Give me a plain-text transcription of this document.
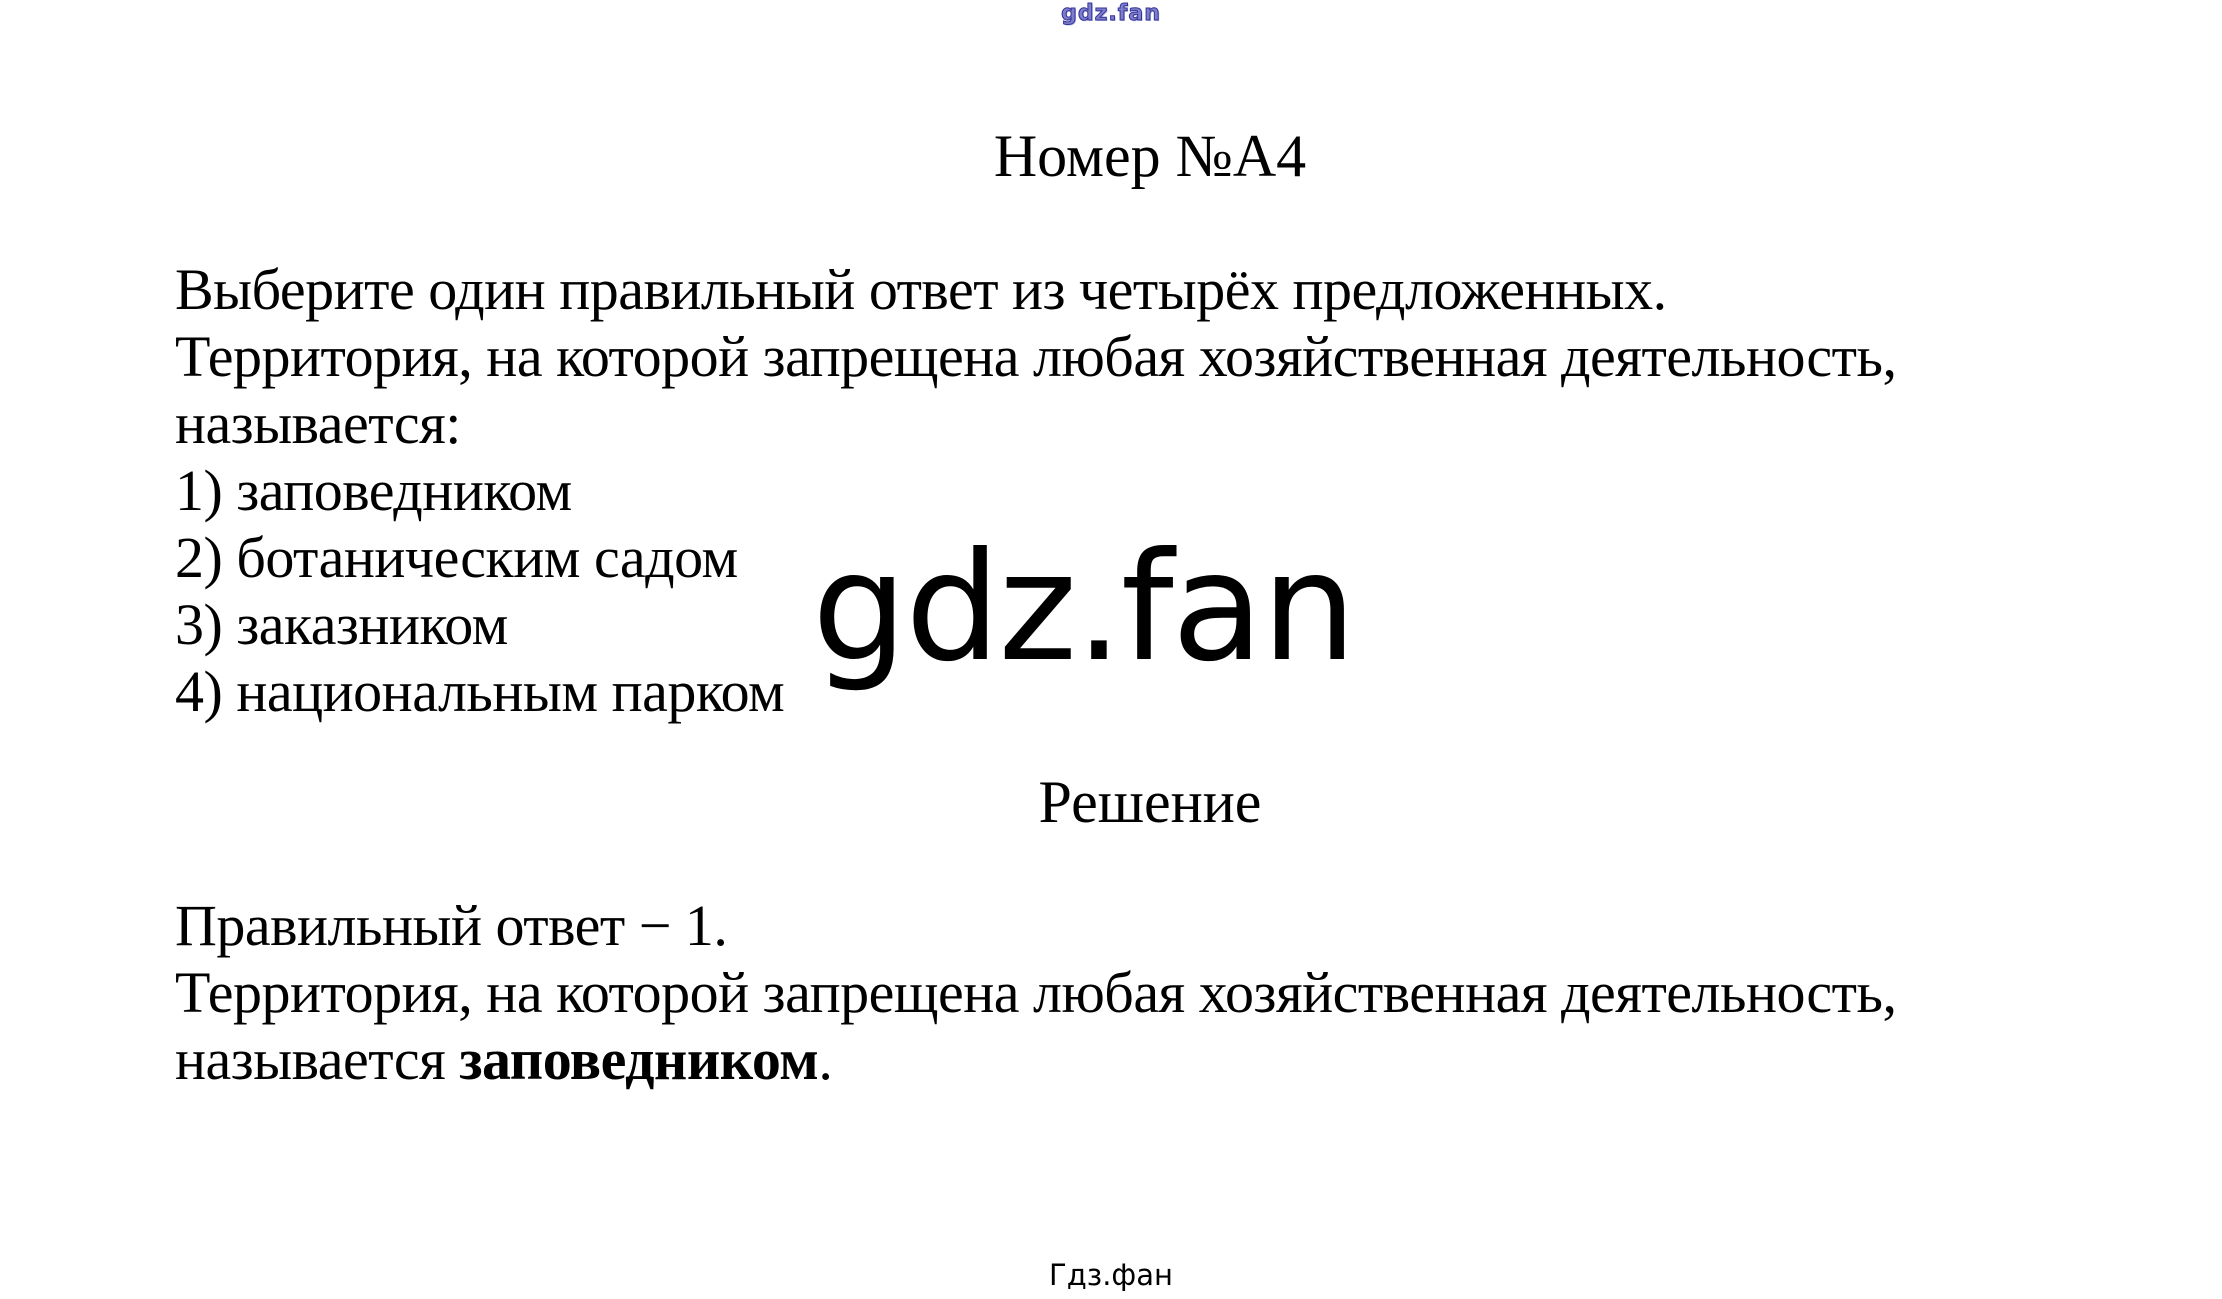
gdz.fan
Номер №А4
Выберите один правильный ответ из четырёх предложенных.
Территория, на которой запрещена любая хозяйственная деятельность,
называется:
1) заповедником
2) ботаническим садом
3) заказником
4) национальным парком gdz.fan
Решение
Правильный ответ − 1.
Территория, на которой запрещена любая хозяйственная деятельность,
называется заповедником.
Гдз.фан
